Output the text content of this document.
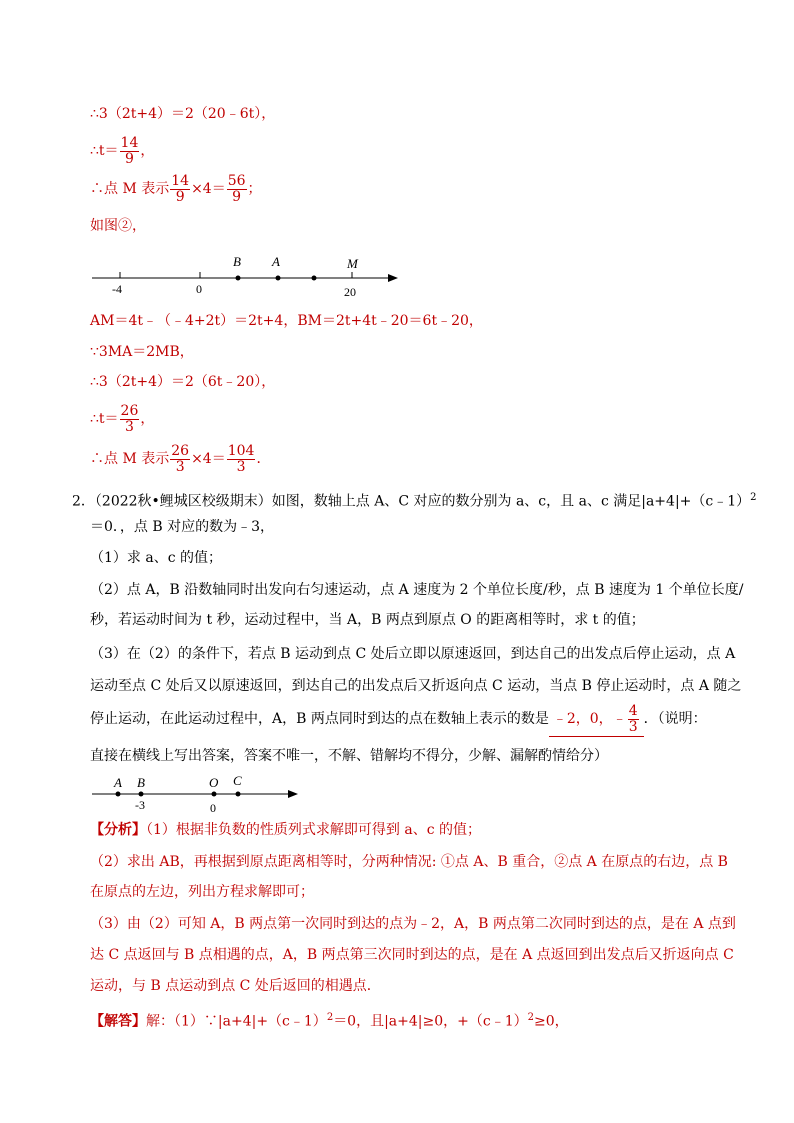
∴3（2t+4）＝2（20﹣6t），
∴t＝ $\frac{14}{9}$ ，
∴点 M 表示 $\frac{14}{9} \times 4= \frac{56}{9}$ ；
如图②，
B A	M
-4	0	20
AM＝4t﹣（﹣4+2t）＝2t+4，BM＝2t+4t﹣20＝6t﹣20，
∵3MA＝2MB，
∴3（2t+4）＝2（6t﹣20），
∴t＝ $\frac{26}{3}$ ，
∴点 M 表示 $\frac{26}{3} \times 4= \frac{104}{3}$ ．
2．（2022秋•鲤城区校级期末）如图，数轴上点 A、C 对应的数分别为 a、c，且 a、c 满足|a+4|+（c﹣1）$^2$
＝0．，点 B 对应的数为﹣3，
（1）求 a、c 的值；
（2）点 A，B 沿数轴同时出发向右匀速运动，点 A 速度为 2 个单位长度/秒，点 B 速度为 1 个单位长度/
秒，若运动时间为 t 秒，运动过程中，当 A，B 两点到原点 O 的距离相等时，求 t 的值；
（3）在（2）的条件下，若点 B 运动到点 C 处后立即以原速返回，到达自己的出发点后停止运动，点 A
运动至点 C 处后又以原速返回，到达自己的出发点后又折返向点 C 运动，当点 B 停止运动时，点 A 随之
停止运动，在此运动过程中，A，B 两点同时到达的点在数轴上表示的数是 ﹣2，0，﹣ $\frac{4}{3}$ ．（说明：
直接在横线上写出答案，答案不唯一，不解、错解均不得分，少解、漏解酌情给分）
A B	O C
-3	0
【分析】（1）根据非负数的性质列式求解即可得到 a、c 的值；
（2）求出 AB，再根据到原点距离相等时，分两种情况: ①点 A、B 重合，②点 A 在原点的右边，点 B
在原点的左边，列出方程求解即可；
（3）由（2）可知 A，B 两点第一次同时到达的点为﹣2，A，B 两点第二次同时到达的点，是在 A 点到
达 C 点返回与 B 点相遇的点，A，B 两点第三次同时到达的点，是在 A 点返回到出发点后又折返向点 C
运动，与 B 点运动到点 C 处后返回的相遇点．
【解答】解：（1）∵|a+4|+（c﹣1）$^2$＝0，且|a+4|≥0，+（c﹣1）$^2$≥0，
